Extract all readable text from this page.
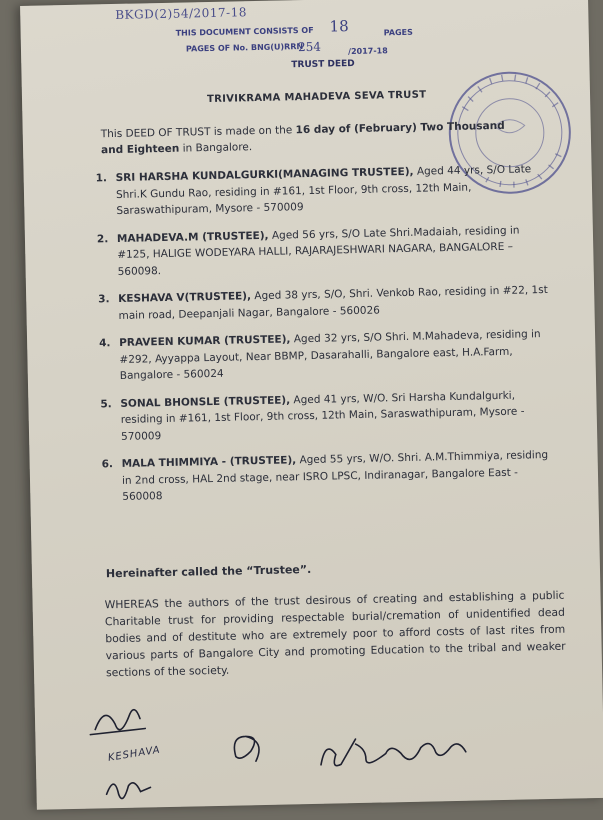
BKGD(2)54/2017-18
THIS DOCUMENT CONSISTS OF 18	PAGES
PAGES OF No. BNG(U)RRN
254	/2017-18
TRUST DEED
TRIVIKRAMA MAHADEVA SEVA TRUST
This DEED OF TRUST is made on the 16 day of (February) Two Thousand and Eighteen in Bangalore.
1. SRI HARSHA KUNDALGURKI(MANAGING TRUSTEE), Aged 44 yrs, S/O Late Shri.K Gundu Rao, residing in #161, 1st Floor, 9th cross, 12th Main, Saraswathipuram, Mysore - 570009
2. MAHADEVA.M (TRUSTEE), Aged 56 yrs, S/O Late Shri.Madaiah, residing in #125, HALIGE WODEYARA HALLI, RAJARAJESHWARI NAGARA, BANGALORE – 560098.
3. KESHAVA V(TRUSTEE), Aged 38 yrs, S/O, Shri. Venkob Rao, residing in #22, 1st main road, Deepanjali Nagar, Bangalore - 560026
4. PRAVEEN KUMAR (TRUSTEE), Aged 32 yrs, S/O Shri. M.Mahadeva, residing in #292, Ayyappa Layout, Near BBMP, Dasarahalli, Bangalore east, H.A.Farm, Bangalore - 560024
5. SONAL BHONSLE (TRUSTEE), Aged 41 yrs, W/O. Sri Harsha Kundalgurki, residing in #161, 1st Floor, 9th cross, 12th Main, Saraswathipuram, Mysore - 570009
6. MALA THIMMIYA - (TRUSTEE), Aged 55 yrs, W/O. Shri. A.M.Thimmiya, residing in 2nd cross, HAL 2nd stage, near ISRO LPSC, Indiranagar, Bangalore East - 560008
Hereinafter called the “Trustee”.
WHEREAS the authors of the trust desirous of creating and establishing a public Charitable trust for providing respectable burial/cremation of unidentified dead bodies and of destitute who are extremely poor to afford costs of last rites from various parts of Bangalore City and promoting Education to the tribal and weaker sections of the society.
KESHAVA
